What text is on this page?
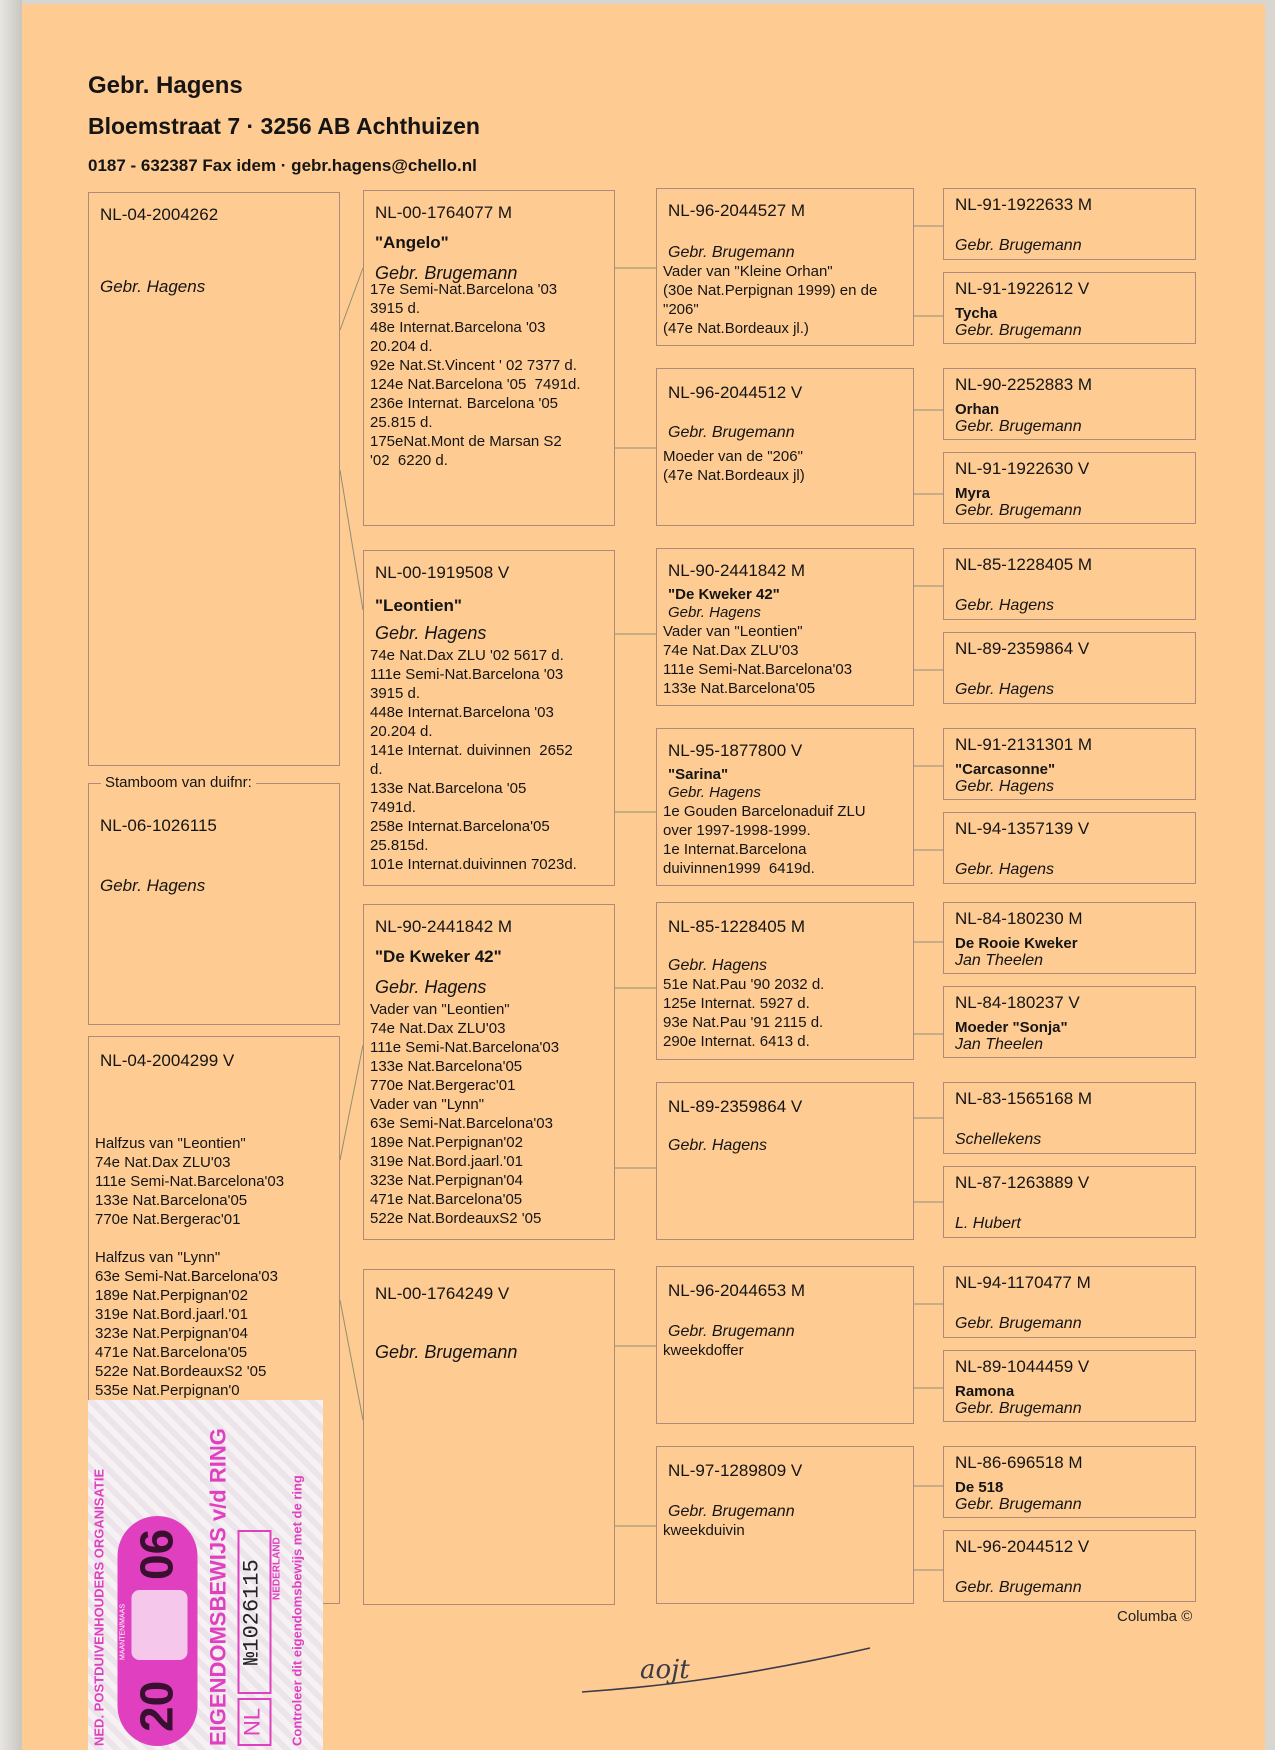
Gebr. Hagens
Bloemstraat 7 · 3256 AB Achthuizen
0187 - 632387 Fax idem · gebr.hagens@chello.nl
NL-04-2004262
Gebr. Hagens
Stamboom van duifnr:
NL-06-1026115
Gebr. Hagens
NL-04-2004299 V
Halfzus van "Leontien"
74e Nat.Dax ZLU'03
111e Semi-Nat.Barcelona'03
133e Nat.Barcelona'05
770e Nat.Bergerac'01

Halfzus van "Lynn"
63e Semi-Nat.Barcelona'03
189e Nat.Perpignan'02
319e Nat.Bord.jaarl.'01
323e Nat.Perpignan'04
471e Nat.Barcelona'05
522e Nat.BordeauxS2 '05
535e Nat.Perpignan'0
NL-00-1764077 M
"Angelo"
Gebr. Brugemann
17e Semi-Nat.Barcelona '03
3915 d.
48e Internat.Barcelona '03
20.204 d.
92e Nat.St.Vincent ' 02 7377 d.
124e Nat.Barcelona '05  7491d.
236e Internat. Barcelona '05
25.815 d.
175eNat.Mont de Marsan S2
'02  6220 d.
NL-00-1919508 V
"Leontien"
Gebr. Hagens
74e Nat.Dax ZLU '02 5617 d.
111e Semi-Nat.Barcelona '03
3915 d.
448e Internat.Barcelona '03
20.204 d.
141e Internat. duivinnen  2652
d.
133e Nat.Barcelona '05
7491d.
258e Internat.Barcelona'05
25.815d.
101e Internat.duivinnen 7023d.
NL-90-2441842 M
"De Kweker 42"
Gebr. Hagens
Vader van "Leontien"
74e Nat.Dax ZLU'03
111e Semi-Nat.Barcelona'03
133e Nat.Barcelona'05
770e Nat.Bergerac'01
Vader van "Lynn"
63e Semi-Nat.Barcelona'03
189e Nat.Perpignan'02
319e Nat.Bord.jaarl.'01
323e Nat.Perpignan'04
471e Nat.Barcelona'05
522e Nat.BordeauxS2 '05
NL-00-1764249 V
Gebr. Brugemann
NL-96-2044527 M
Gebr. Brugemann
Vader van "Kleine Orhan"
(30e Nat.Perpignan 1999) en de
"206"
(47e Nat.Bordeaux jl.)
NL-96-2044512 V
Gebr. Brugemann
Moeder van de "206"
(47e Nat.Bordeaux jl)
NL-90-2441842 M
"De Kweker 42"
Gebr. Hagens
Vader van "Leontien"
74e Nat.Dax ZLU'03
111e Semi-Nat.Barcelona'03
133e Nat.Barcelona'05
NL-95-1877800 V
"Sarina"
Gebr. Hagens
1e Gouden Barcelonaduif ZLU
over 1997-1998-1999.
1e Internat.Barcelona
duivinnen1999  6419d.
NL-85-1228405 M
Gebr. Hagens
51e Nat.Pau '90 2032 d.
125e Internat. 5927 d.
93e Nat.Pau '91 2115 d.
290e Internat. 6413 d.
NL-89-2359864 V
Gebr. Hagens
NL-96-2044653 M
Gebr. Brugemann
kweekdoffer
NL-97-1289809 V
Gebr. Brugemann
kweekduivin
NL-91-1922633 M
Gebr. Brugemann
NL-91-1922612 V
Tycha
Gebr. Brugemann
NL-90-2252883 M
Orhan
Gebr. Brugemann
NL-91-1922630 V
Myra
Gebr. Brugemann
NL-85-1228405 M
Gebr. Hagens
NL-89-2359864 V
Gebr. Hagens
NL-91-2131301 M
"Carcasonne"
Gebr. Hagens
NL-94-1357139 V
Gebr. Hagens
NL-84-180230 M
De Rooie Kweker
Jan Theelen
NL-84-180237 V
Moeder "Sonja"
Jan Theelen
NL-83-1565168 M
Schellekens
NL-87-1263889 V
L. Hubert
NL-94-1170477 M
Gebr. Brugemann
NL-89-1044459 V
Ramona
Gebr. Brugemann
NL-86-696518 M
De 518
Gebr. Brugemann
NL-96-2044512 V
Gebr. Brugemann
Columba ©
aojt
NED. POSTDUIVENHOUDERS ORGANISATIE 20
06
MAANTEN/MAAS	EIGENDOMSBEWIJS v/d RING NL
№1026115 NEDERLAND Controleer dit eigendomsbewijs met de ring
